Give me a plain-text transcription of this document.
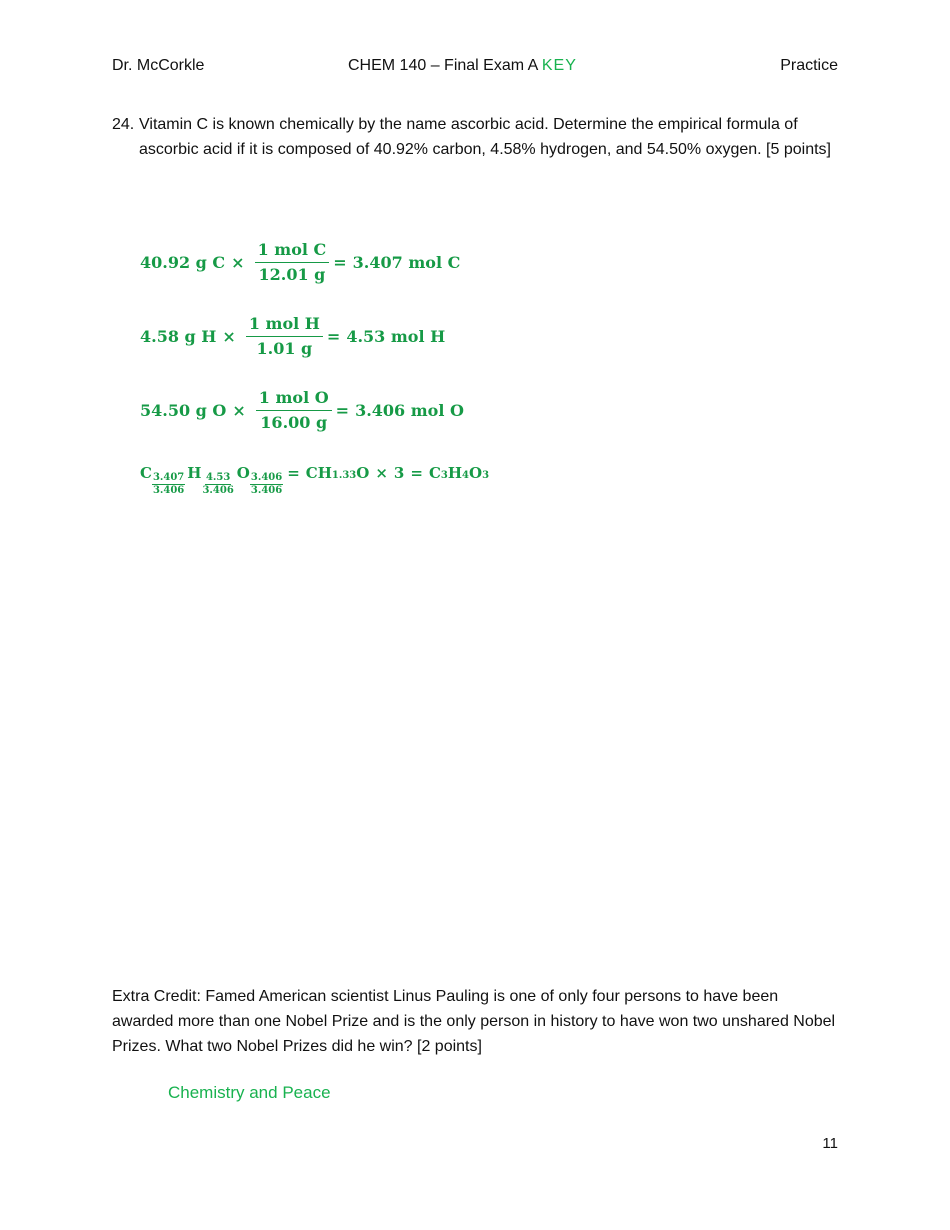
Dr. McCorkle	CHEM 140 – Final Exam A KEY	Practice
24. Vitamin C is known chemically by the name ascorbic acid. Determine the empirical formula of ascorbic acid if it is composed of 40.92% carbon, 4.58% hydrogen, and 54.50% oxygen. [5 points]
40.92 g $C \times \frac{\text{1 mol C}}{12.01 g} = 3.407$ mol C
4.58 g $H \times \frac{\text{1 mol H}}{1.01 g} = 4.53$ mol H
54.50 g $O \times \frac{\text{1 mol O}}{16.00 g} = 3.406$ mol O
C $\frac{3.407}{3.406}$ H $\frac{4.53}{3.406}$ O $\frac{3.406}{3.406}$ = CH 1.33 O × 3 = C 3 H 4 O 3
Extra Credit: Famed American scientist Linus Pauling is one of only four persons to have been awarded more than one Nobel Prize and is the only person in history to have won two unshared Nobel Prizes. What two Nobel Prizes did he win? [2 points]
Chemistry and Peace
11
